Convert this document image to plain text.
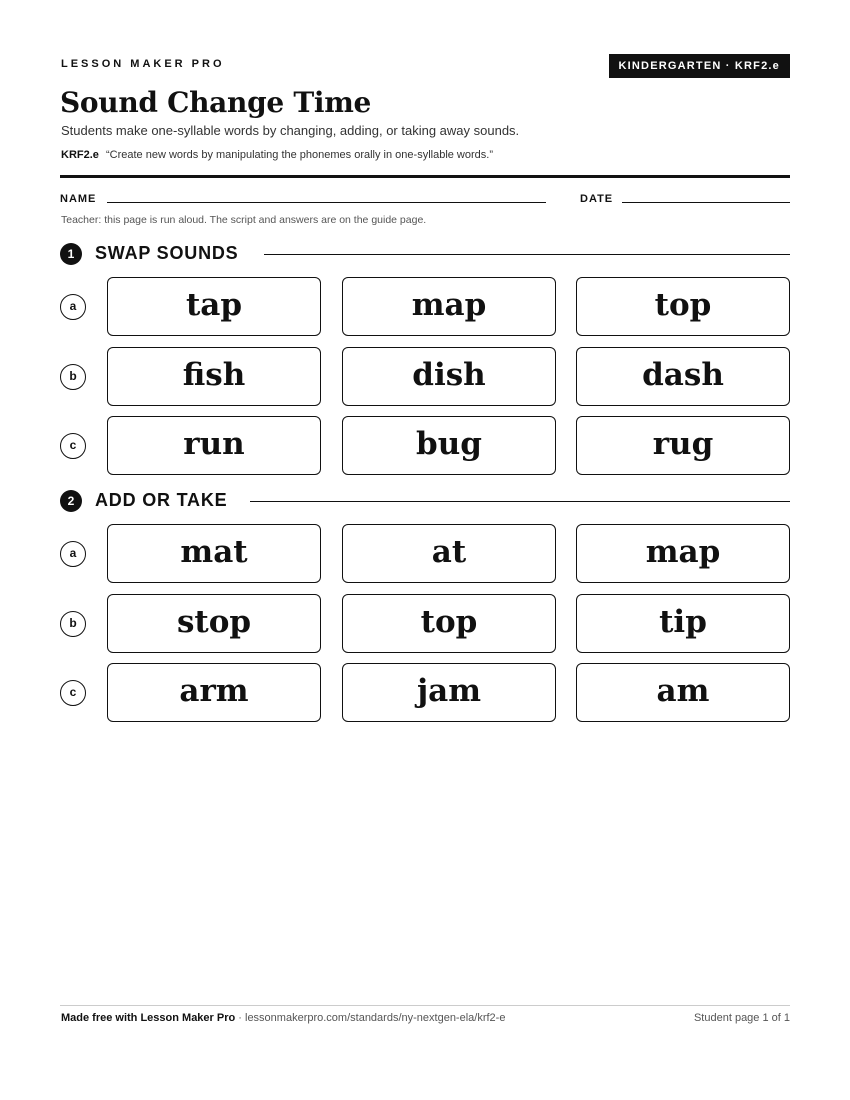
LESSON MAKER PRO	KINDERGARTEN · KRF2.e
Sound Change Time
Students make one-syllable words by changing, adding, or taking away sounds.
KRF2.e “Create new words by manipulating the phonemes orally in one-syllable words.”
NAME	DATE
Teacher: this page is run aloud. The script and answers are on the guide page.
1	SWAP SOUNDS
a	tap	map	top
b	fish	dish	dash
c	run	bug	rug
2	ADD OR TAKE
a	mat	at	map
b	stop	top	tip
c	arm	jam	am
Made free with Lesson Maker Pro · lessonmakerpro.com/standards/ny-nextgen-ela/krf2-e	Student page 1 of 1
